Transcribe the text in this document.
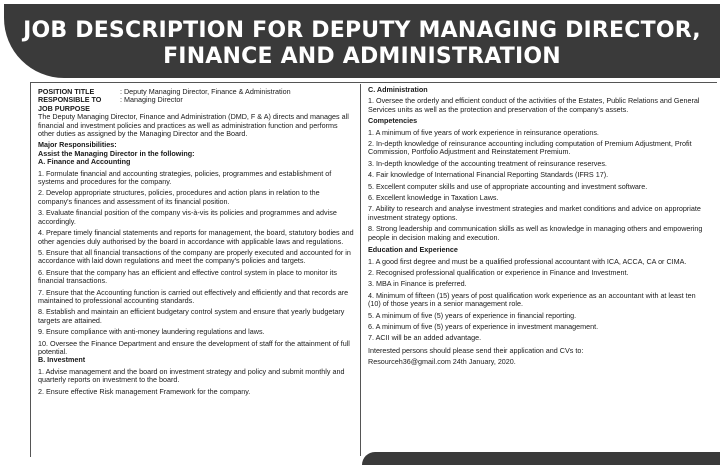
JOB DESCRIPTION FOR DEPUTY MANAGING DIRECTOR,
FINANCE AND ADMINISTRATION
POSITION TITLE	: Deputy Managing Director, Finance & Administration
RESPONSIBLE TO	: Managing Director

JOB PURPOSE

The Deputy Managing Director, Finance and Administration (DMD, F & A) directs and manages all financial and investment policies and practices as well as administration function and performs other duties as assigned by the Managing Director and the Board.

Major Responsibilities:

Assist the Managing Director in the following:

A. Finance and Accounting

1. Formulate financial and accounting strategies, policies, programmes and establishment of systems and procedures for the company.

2. Develop appropriate structures, policies, procedures and action plans in relation to the company's finances and assessment of its financial position.

3. Evaluate financial position of the company vis-à-vis its policies and programmes and advise accordingly.

4. Prepare timely financial statements and reports for management, the board, statutory bodies and other agencies duly authorised by the board in accordance with applicable laws and regulations.

5. Ensure that all financial transactions of the company are properly executed and accounted for in accordance with laid down regulations and meet the company's policies and targets.

6. Ensure that the company has an efficient and effective control system in place to monitor its financial transactions.

7. Ensure that the Accounting function is carried out effectively and efficiently and that records are maintained to professional accounting standards.

8. Establish and maintain an efficient budgetary control system and ensure that yearly budgetary targets are attained.

9. Ensure compliance with anti-money laundering regulations and laws.

10. Oversee the Finance Department and ensure the development of staff for the attainment of full potential.

B. Investment

1. Advise management and the board on investment strategy and policy and submit monthly and quarterly reports on investment to the board.

2. Ensure effective Risk management Framework for the company.

C. Administration

1. Oversee the orderly and efficient conduct of the activities of the Estates, Public Relations and General Services units as well as the protection and preservation of the company's assets.

Competencies

1. A minimum of five years of work experience in reinsurance operations.

2. In-depth knowledge of reinsurance accounting including computation of Premium Adjustment, Profit Commission, Portfolio Adjustment and Reinstatement Premium.

3. In-depth knowledge of the accounting treatment of reinsurance reserves.

4. Fair knowledge of International Financial Reporting Standards (IFRS 17).

5. Excellent computer skills and use of appropriate accounting and investment software.

6. Excellent knowledge in Taxation Laws.

7. Ability to research and analyse investment strategies and market conditions and advice on appropriate investment strategy options.

8. Strong leadership and communication skills as well as knowledge in managing others and empowering people in decision making and execution.

Education and Experience

1. A good first degree and must be a qualified professional accountant with ICA, ACCA, CA or CIMA.

2. Recognised professional qualification or experience in Finance and Investment.

3. MBA in Finance is preferred.

4. Minimum of fifteen (15) years of post qualification work experience as an accountant with at least ten (10) of those years in a senior management role.

5. A minimum of five (5) years of experience in financial reporting.

6. A minimum of five (5) years of experience in investment management.

7. ACII will be an added advantage.

Interested persons should please send their application and CVs to:

Resourceh36@gmail.com 24th January, 2020.
